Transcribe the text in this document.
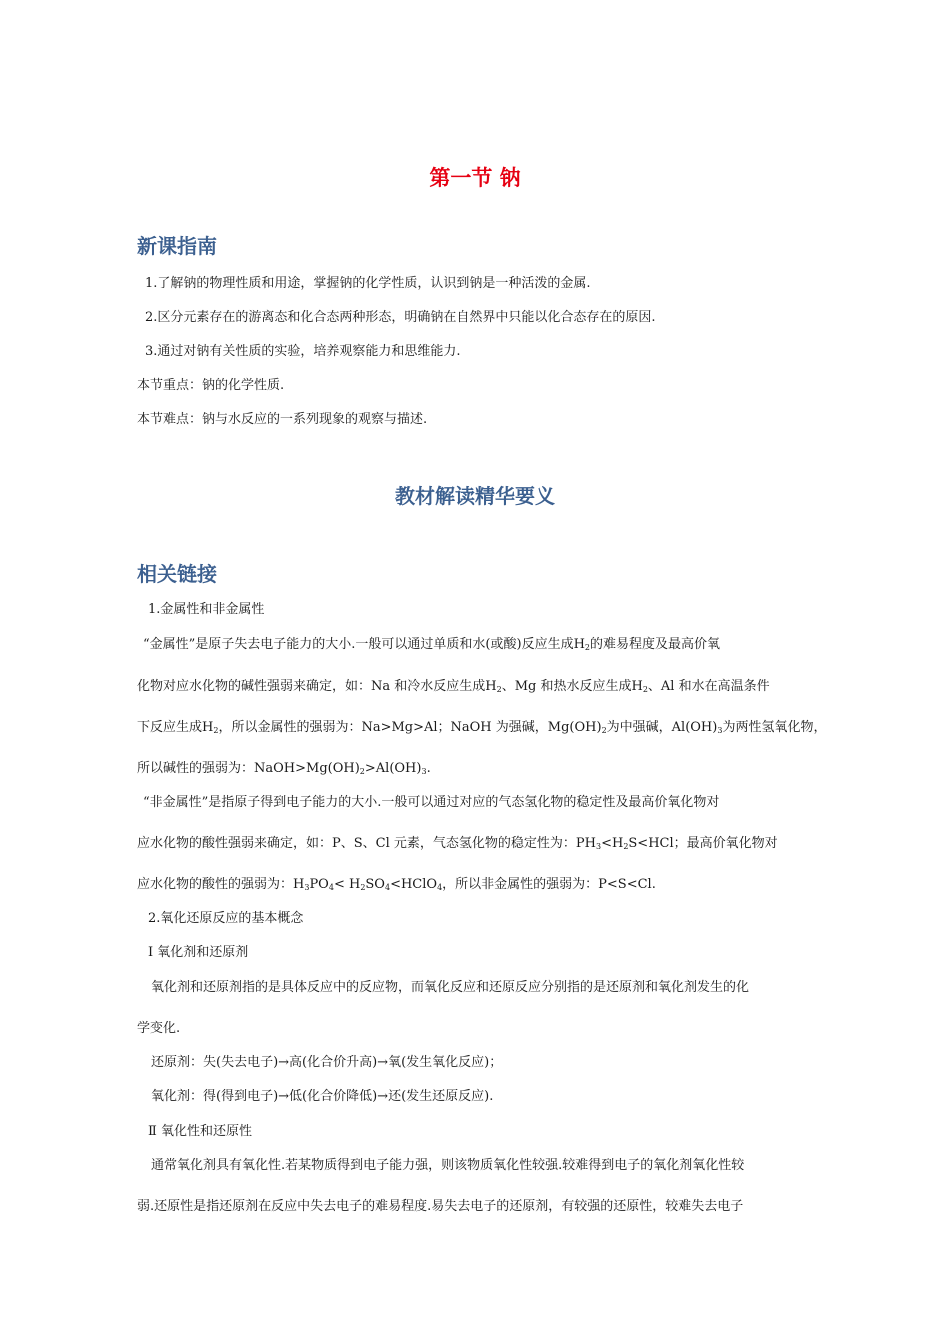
第一节 钠
新课指南
1.了解钠的物理性质和用途，掌握钠的化学性质，认识到钠是一种活泼的金属.
2.区分元素存在的游离态和化合态两种形态，明确钠在自然界中只能以化合态存在的原因.
3.通过对钠有关性质的实验，培养观察能力和思维能力.
本节重点：钠的化学性质.
本节难点：钠与水反应的一系列现象的观察与描述.
教材解读精华要义
相关链接
1.金属性和非金属性
“金属性”是原子失去电子能力的大小.一般可以通过单质和水(或酸)反应生成$H_2$的难易程度及最高价氧
化物对应水化物的碱性强弱来确定，如：Na 和冷水反应生成$H_2$、Mg 和热水反应生成$H_2$、Al 和水在高温条件
下反应生成$H_2$，所以金属性的强弱为：Na>Mg>Al；NaOH 为强碱，$Mg(OH)_2$为中强碱，$Al(OH)_3$为两性氢氧化物，
所以碱性的强弱为：$NaOH>Mg(OH)_2>Al(OH)_3$.
“非金属性”是指原子得到电子能力的大小.一般可以通过对应的气态氢化物的稳定性及最高价氧化物对
应水化物的酸性强弱来确定，如：P、S、Cl 元素，气态氢化物的稳定性为：$PH_3<H_2S<HCl$；最高价氧化物对
应水化物的酸性的强弱为：$H_3PO_4<$ $H_2SO_4<HClO_4$，所以非金属性的强弱为：P<S<Cl.
2.氧化还原反应的基本概念
Ⅰ 氧化剂和还原剂
氧化剂和还原剂指的是具体反应中的反应物，而氧化反应和还原反应分别指的是还原剂和氧化剂发生的化
学变化.
还原剂：失(失去电子)→高(化合价升高)→氧(发生氧化反应)；
氧化剂：得(得到电子)→低(化合价降低)→还(发生还原反应).
Ⅱ 氧化性和还原性
通常氧化剂具有氧化性.若某物质得到电子能力强，则该物质氧化性较强.较难得到电子的氧化剂氧化性较
弱.还原性是指还原剂在反应中失去电子的难易程度.易失去电子的还原剂，有较强的还原性，较难失去电子
